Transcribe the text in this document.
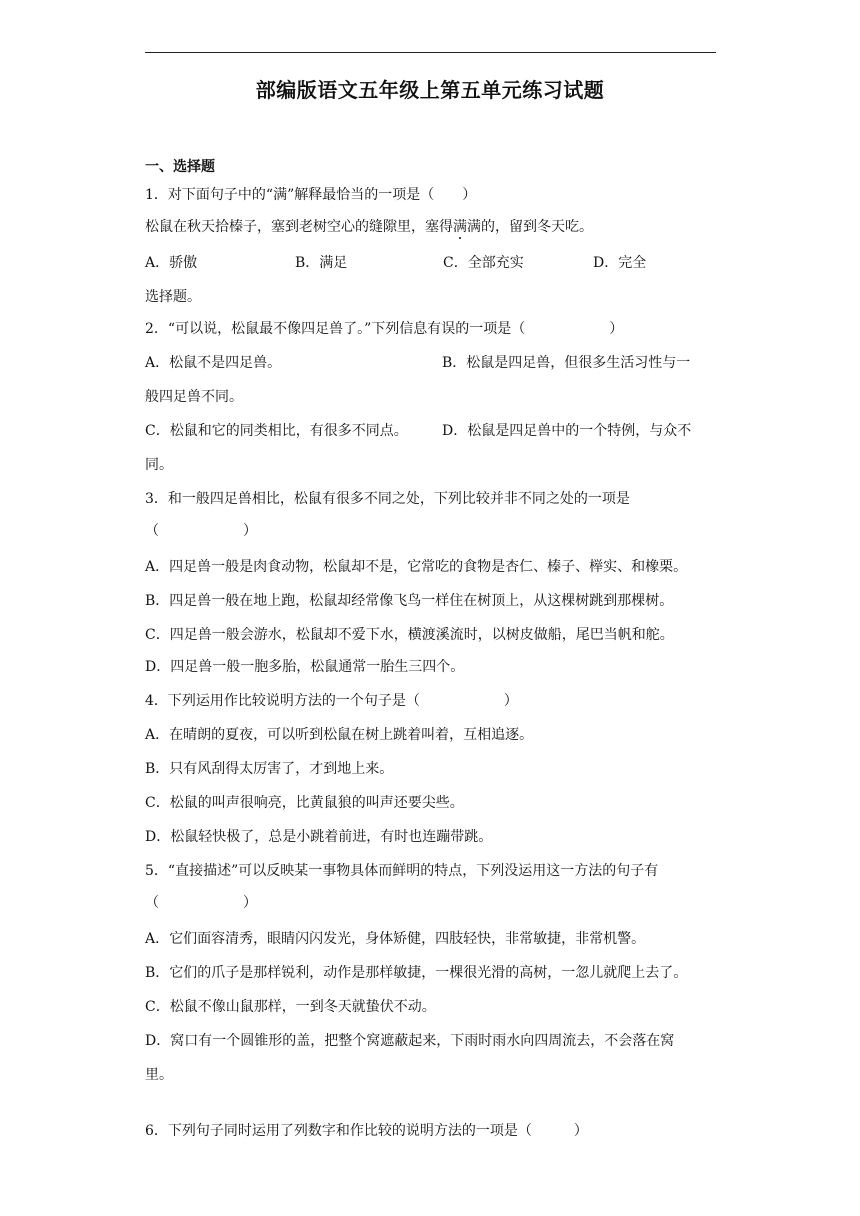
部编版语文五年级上第五单元练习试题
一、选择题
1．对下面句子中的“满”解释最恰当的一项是（　　）
松鼠在秋天拾榛子，塞到老树空心的缝隙里，塞得满满的，留到冬天吃。
A．骄傲	B．满足	C．全部充实	D．完全
选择题。
2．“可以说，松鼠最不像四足兽了。”下列信息有误的一项是（　　　　　　）
A．松鼠不是四足兽。	B．松鼠是四足兽，但很多生活习性与一
般四足兽不同。
C．松鼠和它的同类相比，有很多不同点。 D．松鼠是四足兽中的一个特例，与众不
同。
3．和一般四足兽相比，松鼠有很多不同之处，下列比较并非不同之处的一项是
（　　　　　　）
A．四足兽一般是肉食动物，松鼠却不是，它常吃的食物是杏仁、榛子、榉实、和橡栗。
B．四足兽一般在地上跑，松鼠却经常像飞鸟一样住在树顶上，从这棵树跳到那棵树。
C．四足兽一般会游水，松鼠却不爱下水，横渡溪流时，以树皮做船，尾巴当帆和舵。
D．四足兽一般一胞多胎，松鼠通常一胎生三四个。
4．下列运用作比较说明方法的一个句子是（　　　　　　）
A．在晴朗的夏夜，可以听到松鼠在树上跳着叫着，互相追逐。
B．只有风刮得太厉害了，才到地上来。
C．松鼠的叫声很响亮，比黄鼠狼的叫声还要尖些。
D．松鼠轻快极了，总是小跳着前进，有时也连蹦带跳。
5．“直接描述”可以反映某一事物具体而鲜明的特点，下列没运用这一方法的句子有
（　　　　　　）
A．它们面容清秀，眼睛闪闪发光，身体矫健，四肢轻快，非常敏捷，非常机警。
B．它们的爪子是那样锐利，动作是那样敏捷，一棵很光滑的高树，一忽儿就爬上去了。
C．松鼠不像山鼠那样，一到冬天就蛰伏不动。
D．窝口有一个圆锥形的盖，把整个窝遮蔽起来，下雨时雨水向四周流去，不会落在窝
里。
6．下列句子同时运用了列数字和作比较的说明方法的一项是（　　　）
